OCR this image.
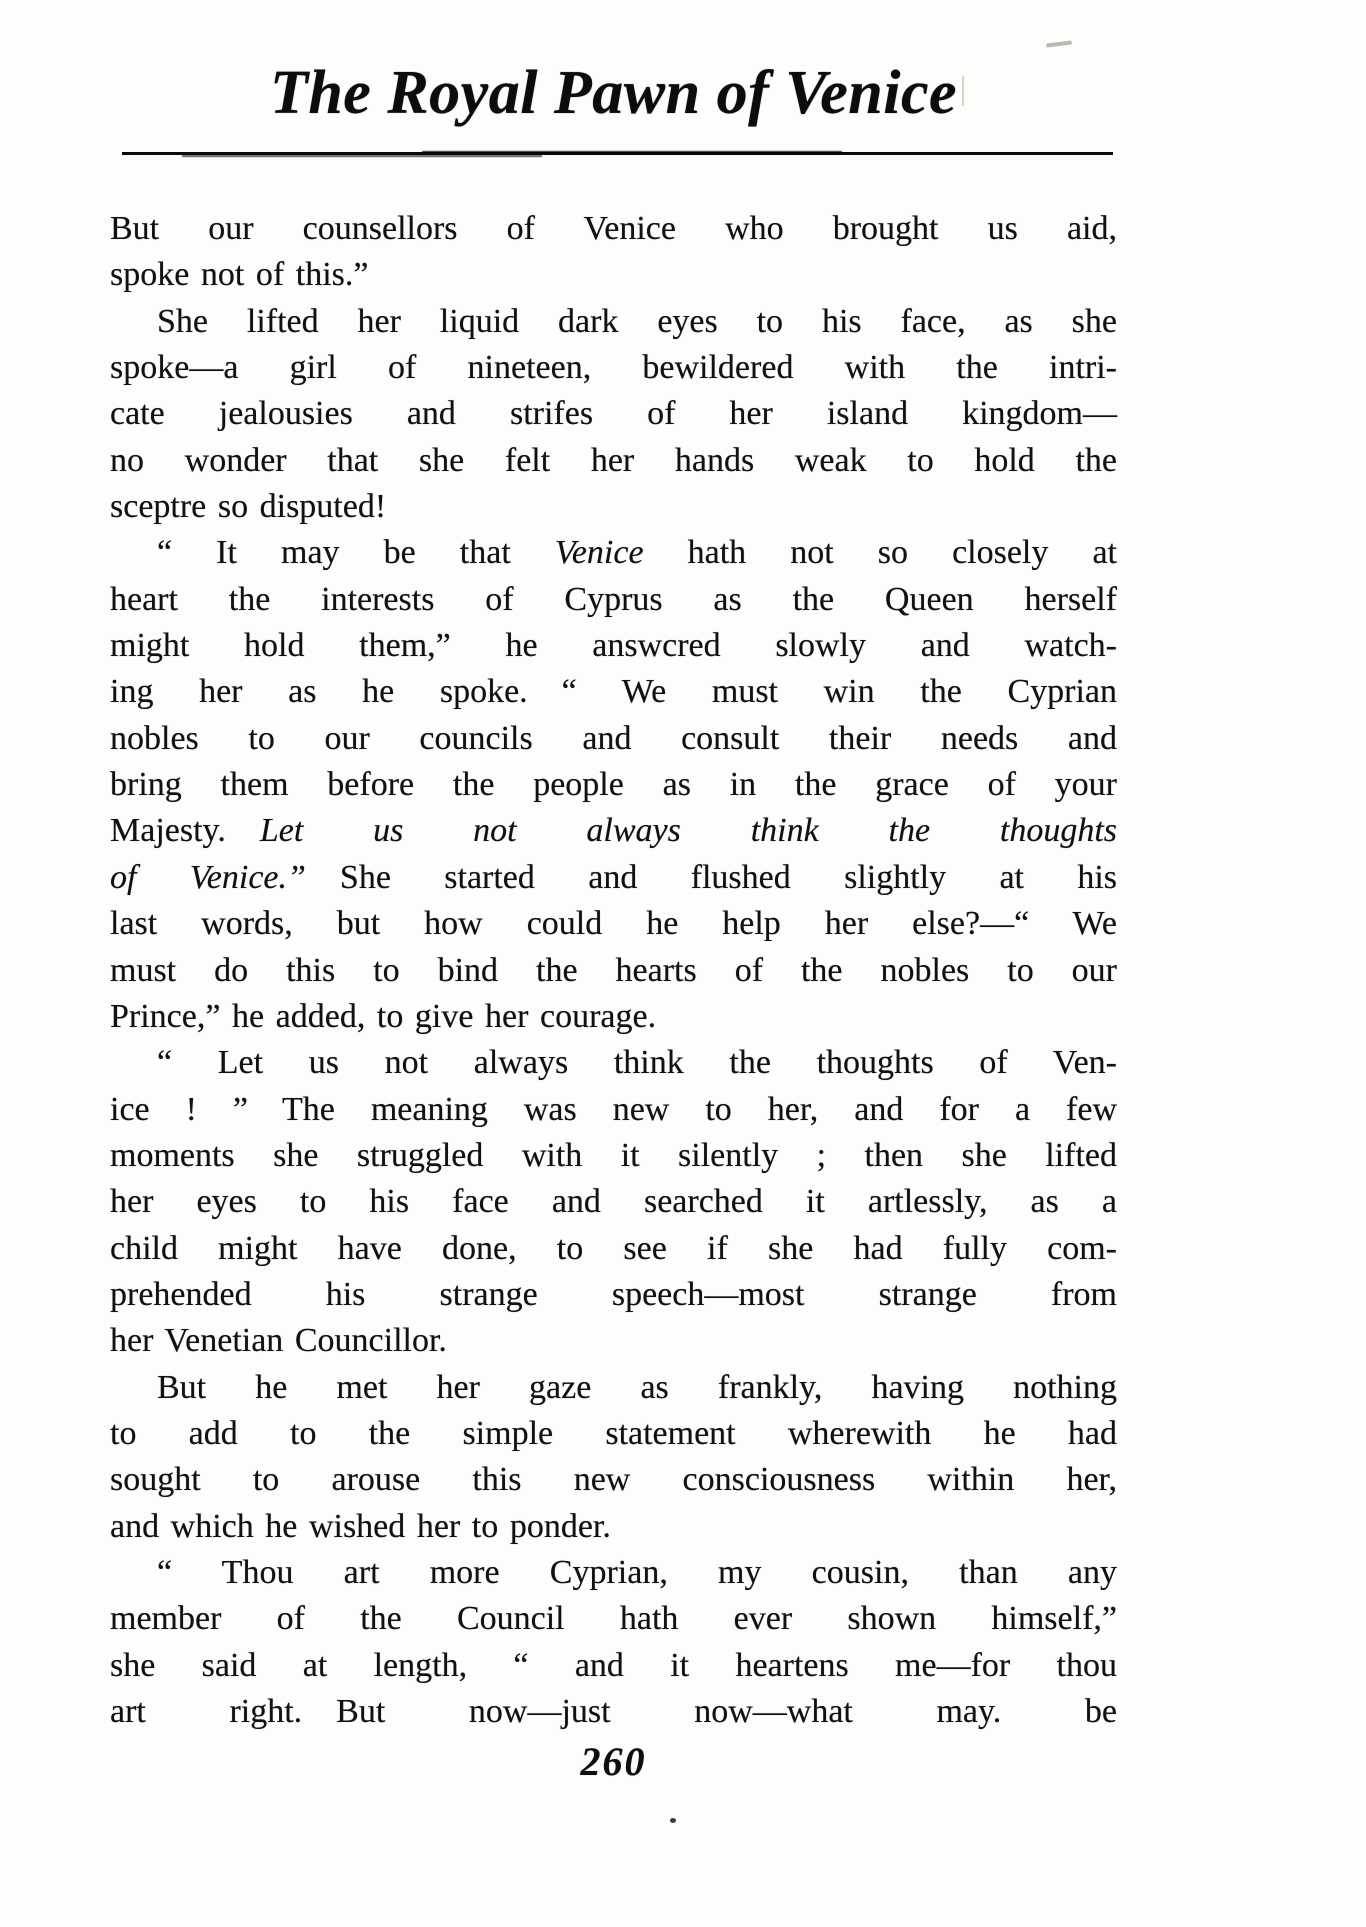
The Royal Pawn of Venice
But our counsellors of Venice who brought us aid,
spoke not of this.”
She lifted her liquid dark eyes to his face, as she
spoke—a girl of nineteen, bewildered with the intri-
cate jealousies and strifes of her island kingdom—
no wonder that she felt her hands weak to hold the
sceptre so disputed!
“ It may be that Venice hath not so closely at
heart the interests of Cyprus as the Queen herself
might hold them,” he answcred slowly and watch-
ing her as he spoke. “ We must win the Cyprian
nobles to our councils and consult their needs and
bring them before the people as in the grace of your
Majesty. Let us not always think the thoughts
of Venice.” She started and flushed slightly at his
last words, but how could he help her else?—“ We
must do this to bind the hearts of the nobles to our
Prince,” he added, to give her courage.
“ Let us not always think the thoughts of Ven-
ice ! ” The meaning was new to her, and for a few
moments she struggled with it silently ; then she lifted
her eyes to his face and searched it artlessly, as a
child might have done, to see if she had fully com-
prehended his strange speech—most strange from
her Venetian Councillor.
But he met her gaze as frankly, having nothing
to add to the simple statement wherewith he had
sought to arouse this new consciousness within her,
and which he wished her to ponder.
“ Thou art more Cyprian, my cousin, than any
member of the Council hath ever shown himself,”
she said at length, “ and it heartens me—for thou
art right. But now—just now—what may. be
260
